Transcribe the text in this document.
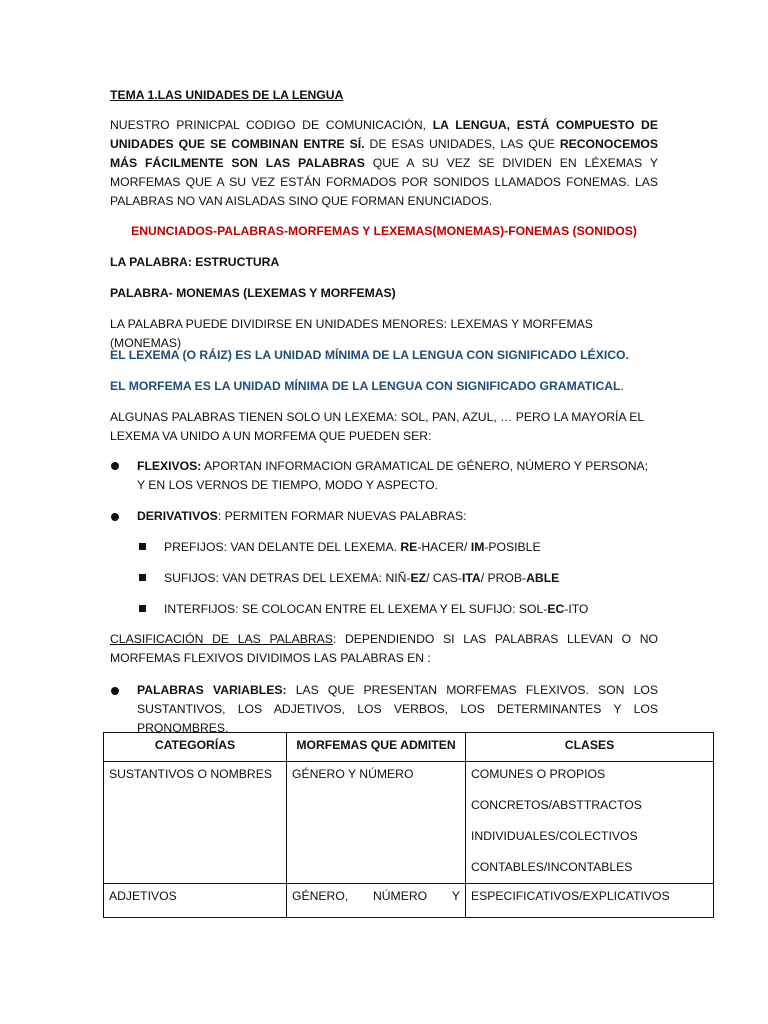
TEMA 1.LAS UNIDADES DE LA LENGUA

NUESTRO PRINICPAL CODIGO DE COMUNICACIÓN, LA LENGUA, ESTÁ COMPUESTO DE UNIDADES QUE SE COMBINAN ENTRE SÍ. DE ESAS UNIDADES, LAS QUE RECONOCEMOS MÁS FÁCILMENTE SON LAS PALABRAS QUE A SU VEZ SE DIVIDEN EN LÉXEMAS Y MORFEMAS QUE A SU VEZ ESTÁN FORMADOS POR SONIDOS LLAMADOS FONEMAS. LAS PALABRAS NO VAN AISLADAS SINO QUE FORMAN ENUNCIADOS.

ENUNCIADOS-PALABRAS-MORFEMAS Y LEXEMAS(MONEMAS)-FONEMAS (SONIDOS)

LA PALABRA: ESTRUCTURA

PALABRA- MONEMAS (LEXEMAS Y MORFEMAS)

LA PALABRA PUEDE DIVIDIRSE EN UNIDADES MENORES: LEXEMAS Y MORFEMAS (MONEMAS)

EL LEXEMA (O RÁIZ) ES LA UNIDAD MÍNIMA DE LA LENGUA CON SIGNIFICADO LÉXICO.

EL MORFEMA ES LA UNIDAD MÍNIMA DE LA LENGUA CON SIGNIFICADO GRAMATICAL.

ALGUNAS PALABRAS TIENEN SOLO UN LEXEMA: SOL, PAN, AZUL, … PERO LA MAYORÍA EL LEXEMA VA UNIDO A UN MORFEMA QUE PUEDEN SER:

FLEXIVOS: APORTAN INFORMACION GRAMATICAL DE GÉNERO, NÚMERO Y PERSONA; Y EN LOS VERNOS DE TIEMPO, MODO Y ASPECTO.

DERIVATIVOS: PERMITEN FORMAR NUEVAS PALABRAS:

PREFIJOS: VAN DELANTE DEL LEXEMA. RE-HACER/ IM-POSIBLE

SUFIJOS: VAN DETRAS DEL LEXEMA: NIÑ-EZ/ CAS-ITA/ PROB-ABLE

INTERFIJOS: SE COLOCAN ENTRE EL LEXEMA Y EL SUFIJO: SOL-EC-ITO

CLASIFICACIÓN DE LAS PALABRAS: DEPENDIENDO SI LAS PALABRAS LLEVAN O NO MORFEMAS FLEXIVOS DIVIDIMOS LAS PALABRAS EN :

PALABRAS VARIABLES: LAS QUE PRESENTAN MORFEMAS FLEXIVOS. SON LOS SUSTANTIVOS, LOS ADJETIVOS, LOS VERBOS, LOS DETERMINANTES Y LOS PRONOMBRES.

CATEGORÍAS	MORFEMAS QUE ADMITEN	CLASES
SUSTANTIVOS O NOMBRES	GÉNERO Y NÚMERO	COMUNES O PROPIOS
CONCRETOS/ABSTTRACTOS
INDIVIDUALES/COLECTIVOS
CONTABLES/INCONTABLES

ADJETIVOS	GÉNERO, NÚMERO Y	ESPECIFICATIVOS/EXPLICATIVOS
